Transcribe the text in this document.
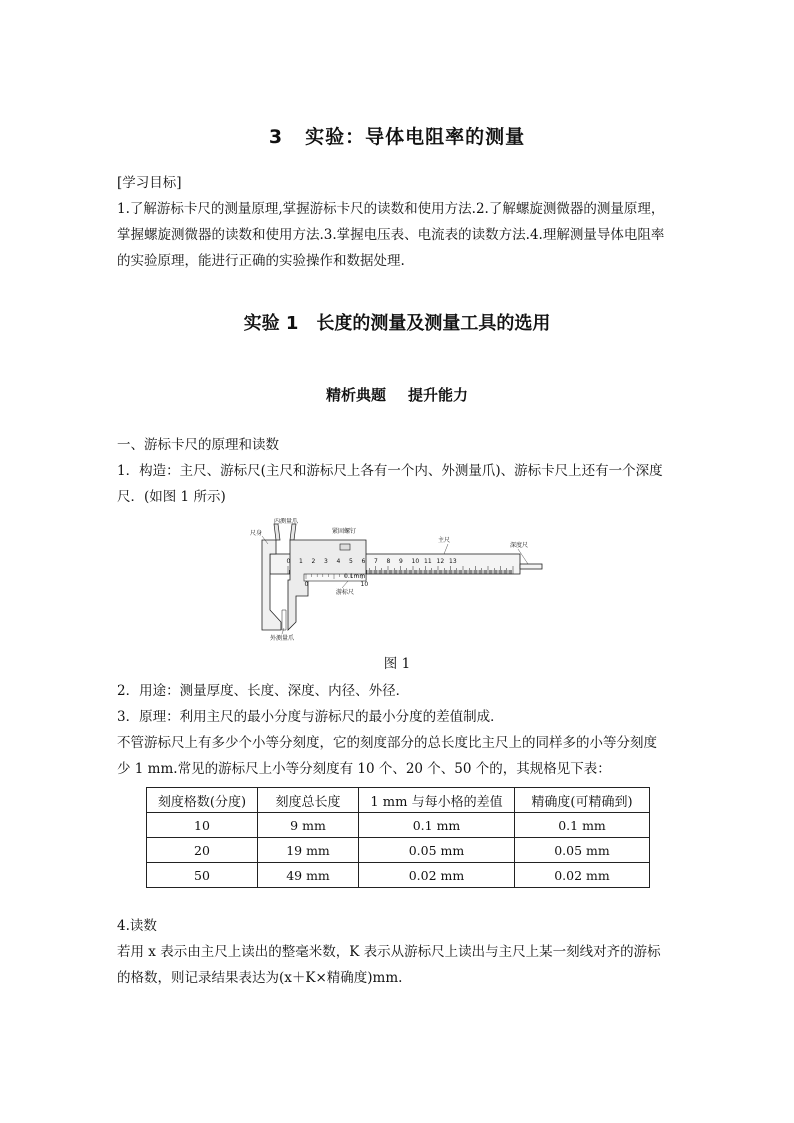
3 实验：导体电阻率的测量
[学习目标]
1.了解游标卡尺的测量原理,掌握游标卡尺的读数和使用方法.2.了解螺旋测微器的测量原理，
掌握螺旋测微器的读数和使用方法.3.掌握电压表、电流表的读数方法.4.理解测量导体电阻率
的实验原理，能进行正确的实验操作和数据处理.
实验 1 长度的测量及测量工具的选用
精析典题 提升能力
一、游标卡尺的原理和读数
1．构造：主尺、游标尺(主尺和游标尺上各有一个内、外测量爪)、游标卡尺上还有一个深度
尺．(如图 1 所示)
尺身
内测量爪
紧固螺钉
主尺
深度尺
游标尺
外测量爪
0.1mm
0 1 2 3 4 5 6 7 8 9 10 11 12 13
0	10
图 1
2．用途：测量厚度、长度、深度、内径、外径．
3．原理：利用主尺的最小分度与游标尺的最小分度的差值制成．
不管游标尺上有多少个小等分刻度，它的刻度部分的总长度比主尺上的同样多的小等分刻度
少 1 mm.常见的游标尺上小等分刻度有 10 个、20 个、50 个的，其规格见下表：
刻度格数(分度)	刻度总长度	1 mm 与每小格的差值	精确度(可精确到)
10	9 mm	0.1 mm	0.1 mm
20	19 mm	0.05 mm	0.05 mm
50	49 mm	0.02 mm	0.02 mm
4.读数
若用 x 表示由主尺上读出的整毫米数，K 表示从游标尺上读出与主尺上某一刻线对齐的游标
的格数，则记录结果表达为(x＋K×精确度)mm.
